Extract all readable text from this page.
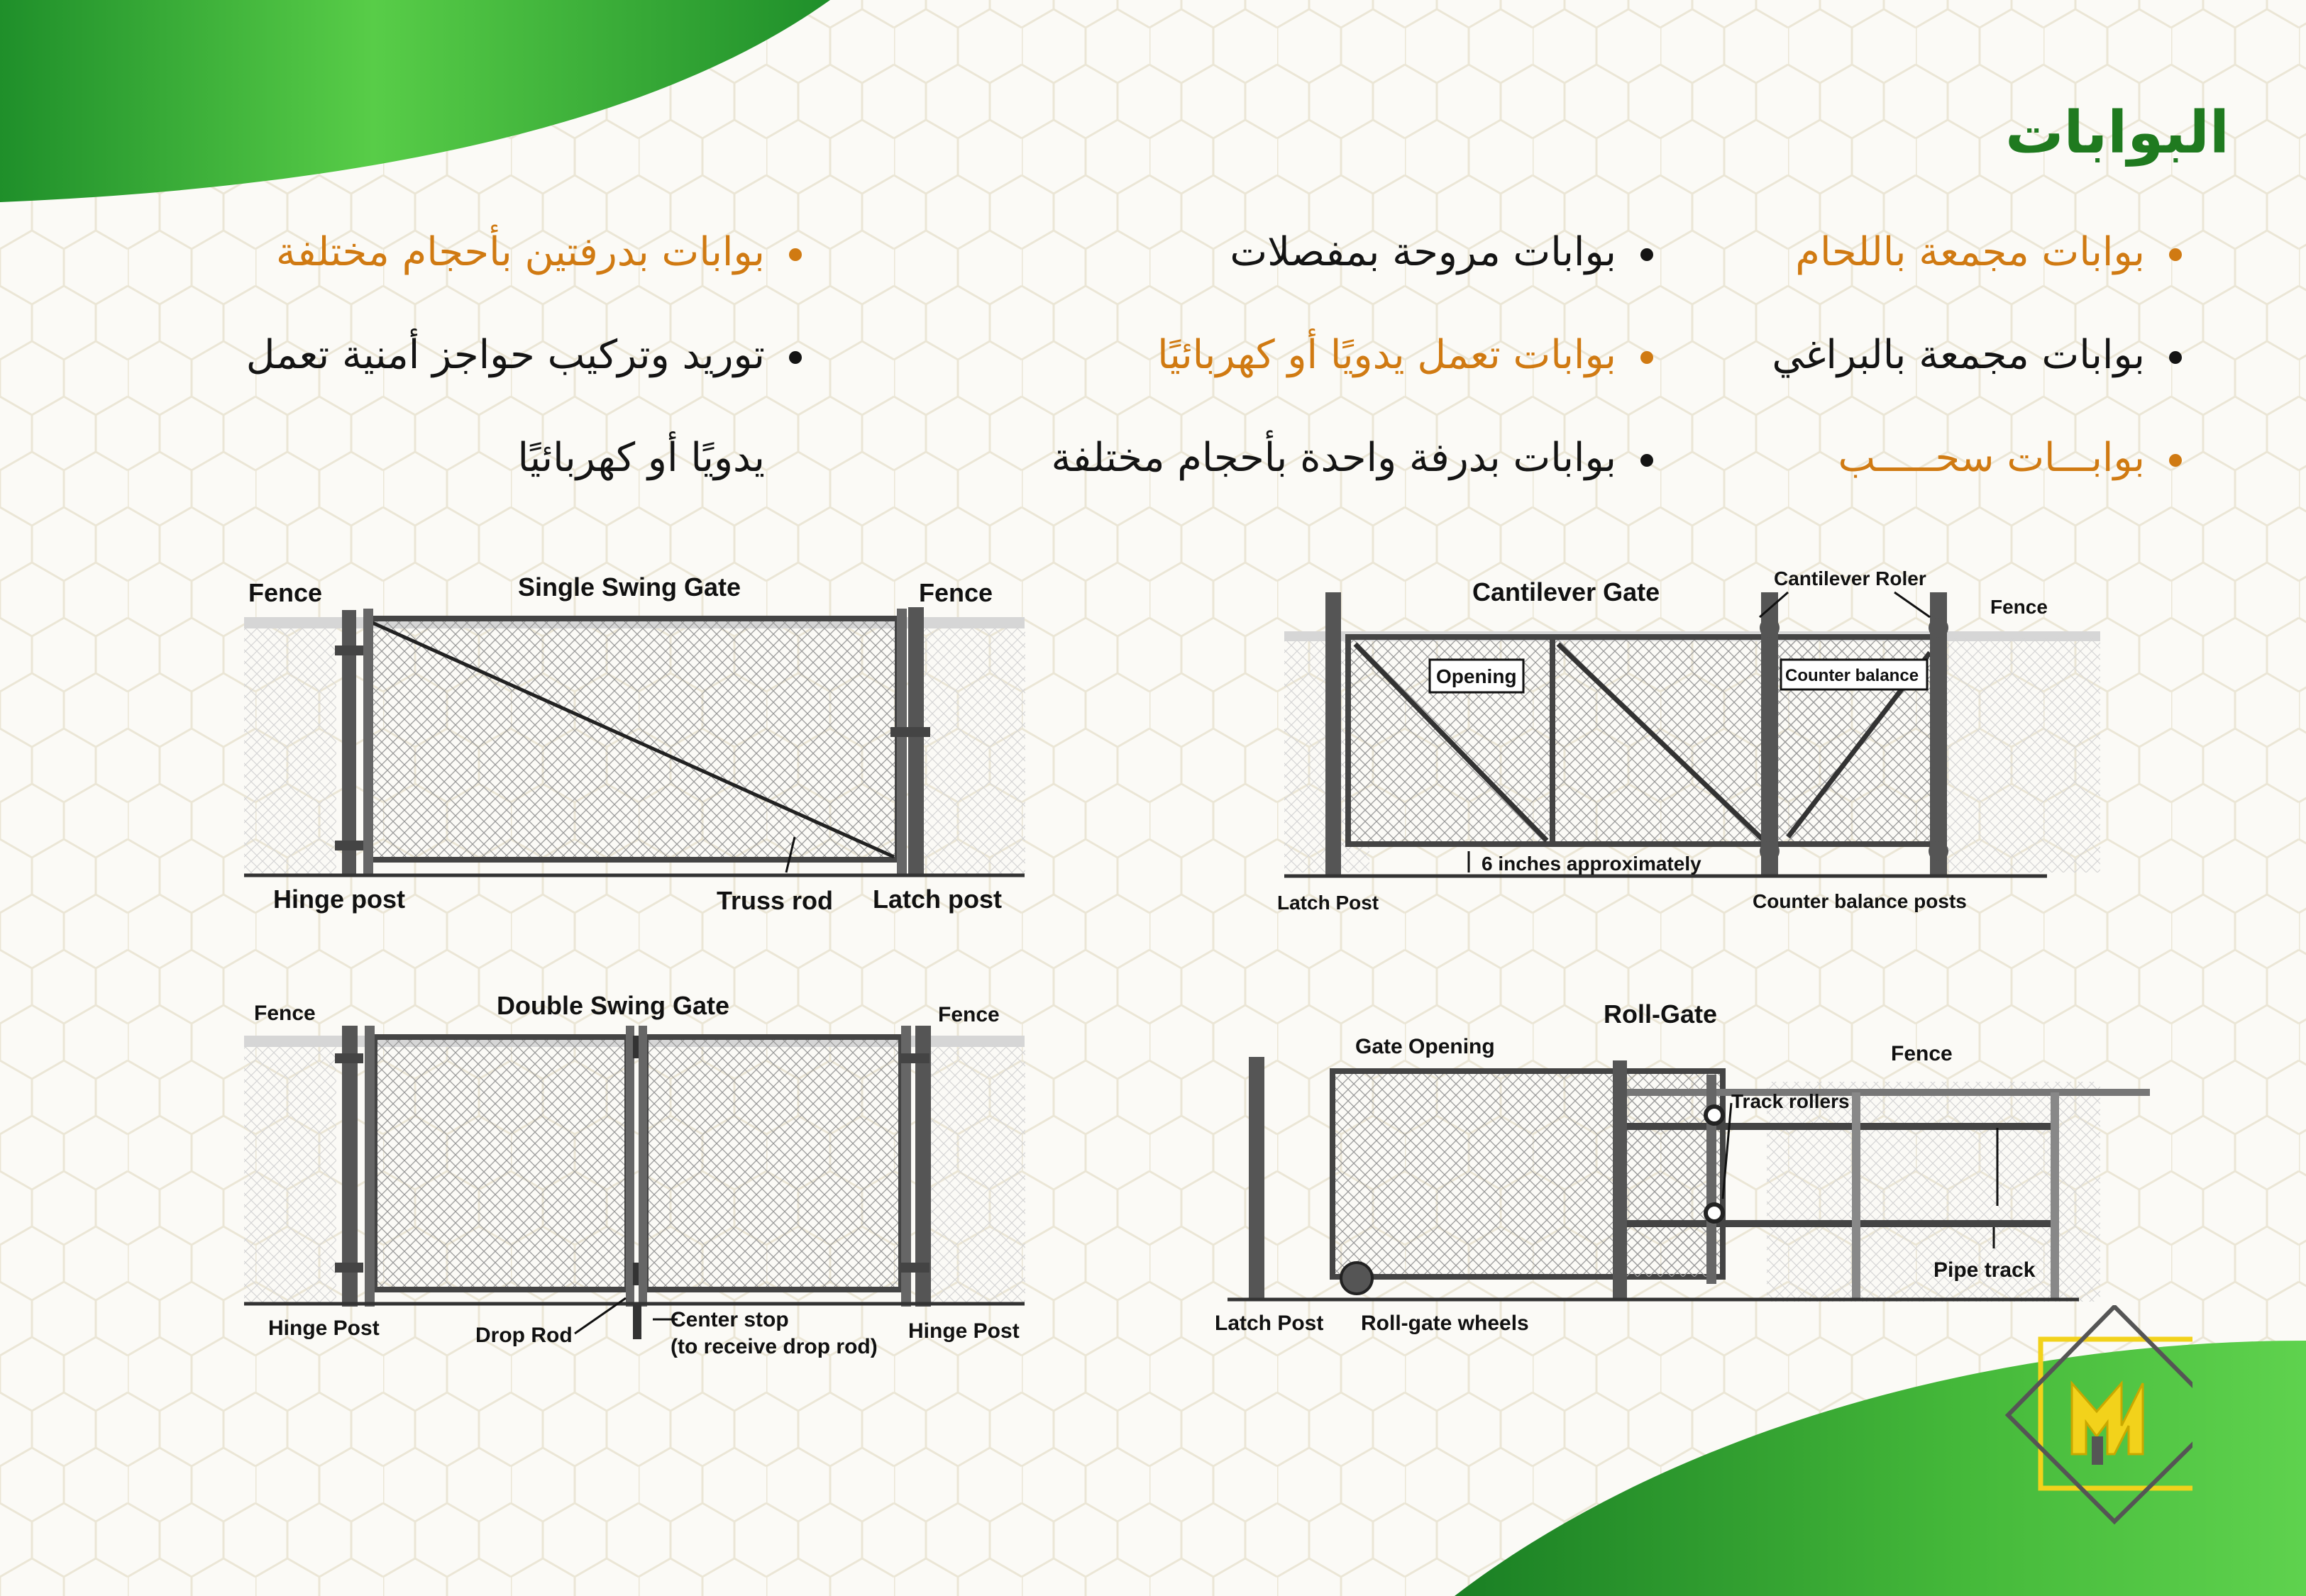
البوابات
بوابات مجمعة باللحام
بوابات مجمعة بالبراغي
بوابـــات سحـــــب
بوابات مروحة بمفصلات
بوابات تعمل يدويًا أو كهربائيًا
بوابات بدرفة واحدة بأحجام مختلفة
بوابات بدرفتين بأحجام مختلفة
توريد وتركيب حواجز أمنية تعمل
يدويًا أو كهربائيًا
Fence	Single Swing Gate	Fence
Hinge post	Truss rod Latch post
Cantilever Gate	Cantilever Roler
Fence
Opening	Counter balance
6 inches approximately
Latch Post	Counter balance posts
Fence	Double Swing Gate	Fence
Hinge Post	Drop Rod
Center stop
(to receive drop rod)
Hinge Post
Roll-Gate
Gate Opening	Fence
Track rollers
Pipe track
Latch Post Roll-gate wheels
